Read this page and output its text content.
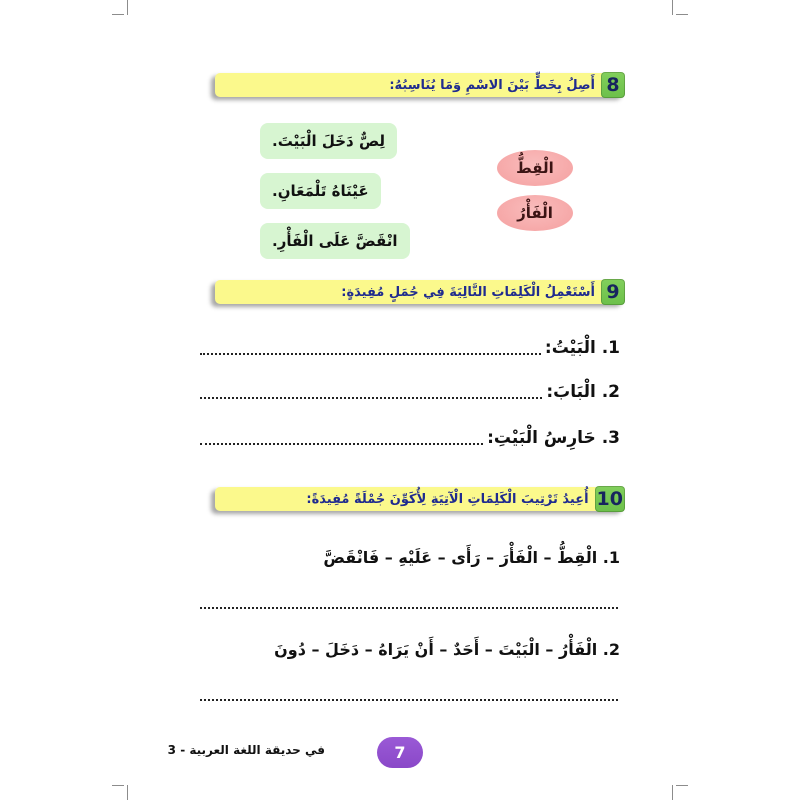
8
أَصِلُ بِخَطٍّ بَيْنَ الاسْمِ وَمَا يُنَاسِبُهُ:
لِصٌّ دَخَلَ الْبَيْتَ.
عَيْنَاهُ تَلْمَعَانِ.
انْقَضَّ عَلَى الْفَأْرِ.
الْقِطُّ
الْفَأْرُ
9
أَسْتَعْمِلُ الْكَلِمَاتِ التَّالِيَةَ فِي جُمَلٍ مُفِيدَةٍ:
1. الْبَيْتُ:
2. الْبَابَ:
3. حَارِسُ الْبَيْتِ:
10
أُعِيدُ تَرْتِيبَ الْكَلِمَاتِ الْآتِيَةِ لِأُكَوِّنَ جُمْلَةً مُفِيدَةً:
1. الْقِطُّ – الْفَأْرَ – رَأَى – عَلَيْهِ – فَانْقَضَّ
2. الْفَأْرُ – الْبَيْتَ – أَحَدٌ – أَنْ يَرَاهُ – دَخَلَ – دُونَ
7
في حديقة اللغة العربية - 3
